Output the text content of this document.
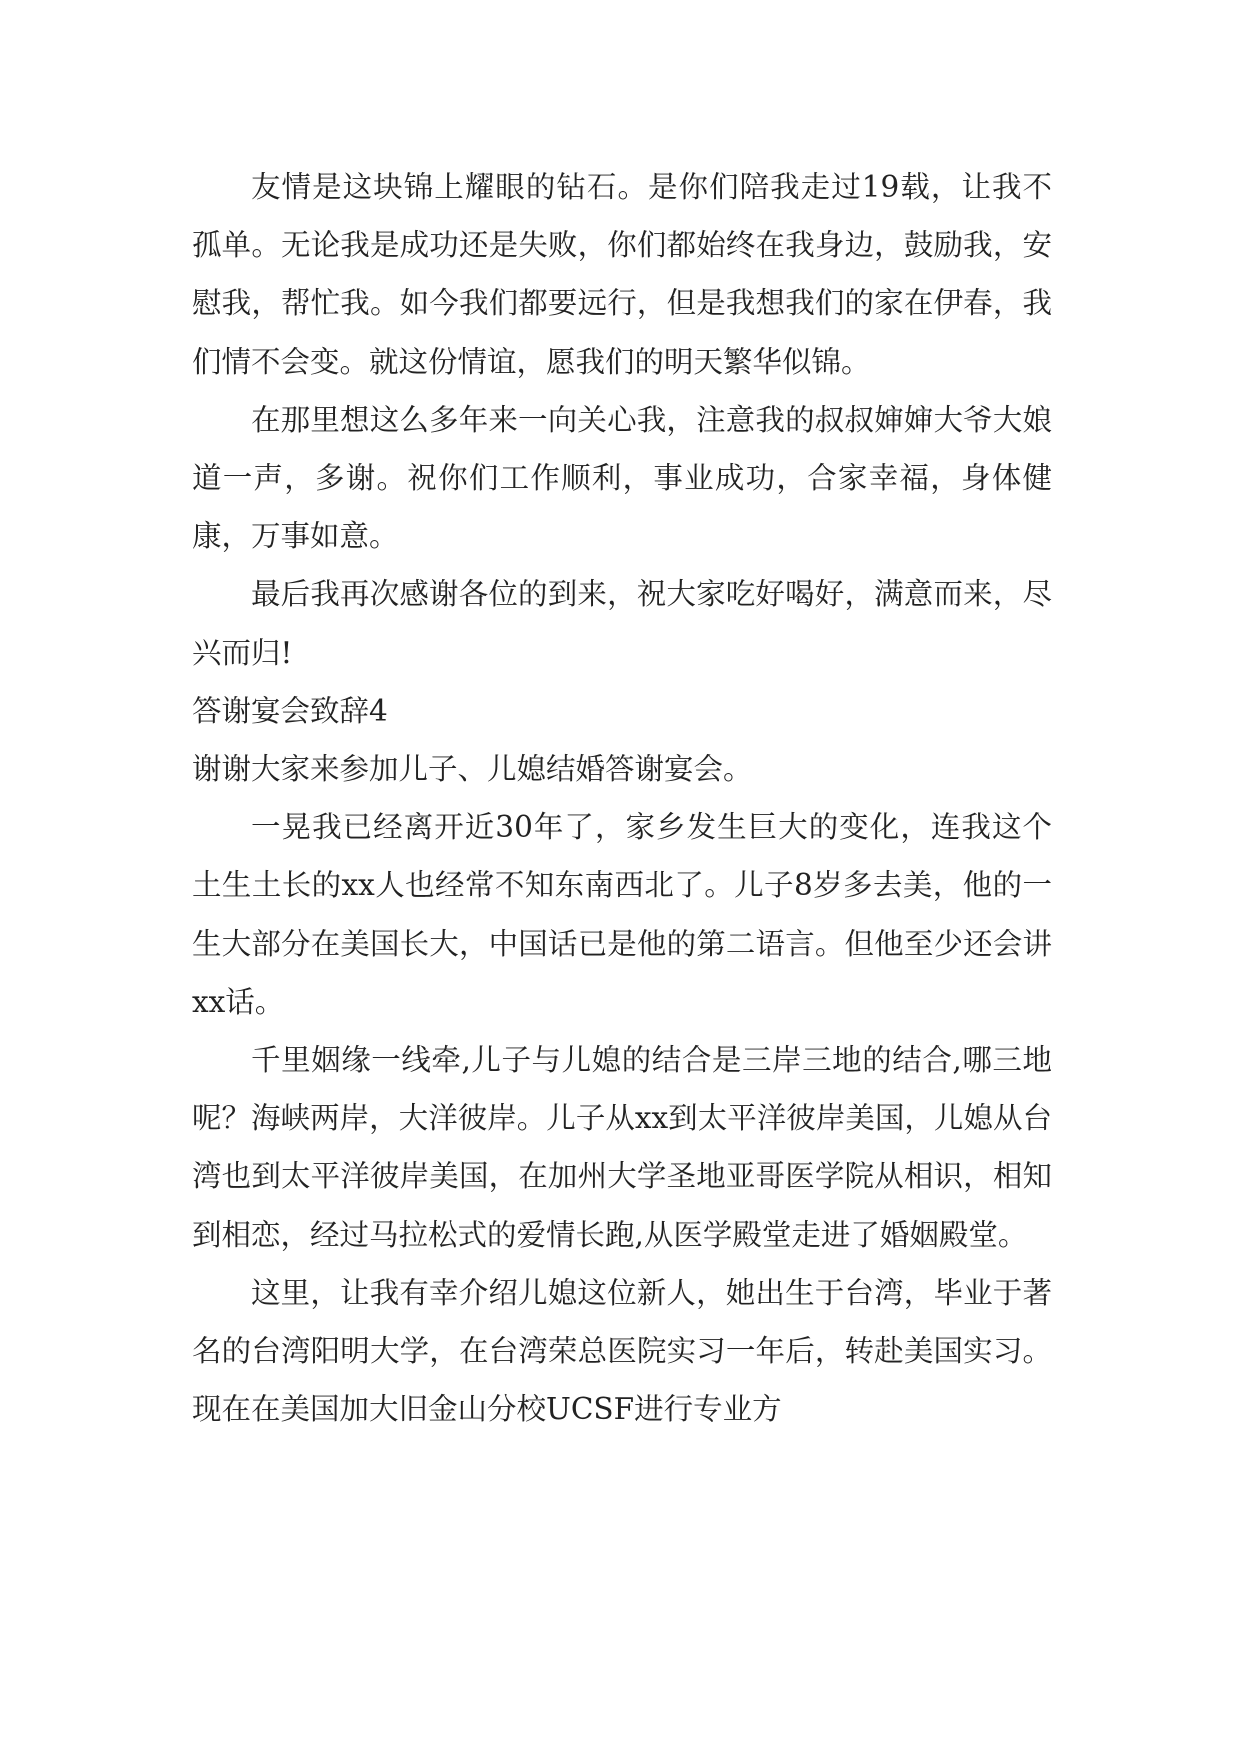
友情是这块锦上耀眼的钻石。是你们陪我走过19载，让我不孤单。无论我是成功还是失败，你们都始终在我身边，鼓励我，安慰我，帮忙我。如今我们都要远行，但是我想我们的家在伊春，我们情不会变。就这份情谊，愿我们的明天繁华似锦。

在那里想这么多年来一向关心我，注意我的叔叔婶婶大爷大娘道一声，多谢。祝你们工作顺利，事业成功，合家幸福，身体健康，万事如意。

最后我再次感谢各位的到来，祝大家吃好喝好，满意而来，尽兴而归!

答谢宴会致辞4

谢谢大家来参加儿子、儿媳结婚答谢宴会。

一晃我已经离开近30年了，家乡发生巨大的变化，连我这个土生土长的xx人也经常不知东南西北了。儿子8岁多去美，他的一生大部分在美国长大，中国话已是他的第二语言。但他至少还会讲xx话。

千里姻缘一线牵,儿子与儿媳的结合是三岸三地的结合,哪三地呢？海峡两岸，大洋彼岸。儿子从xx到太平洋彼岸美国，儿媳从台湾也到太平洋彼岸美国，在加州大学圣地亚哥医学院从相识，相知到相恋，经过马拉松式的爱情长跑,从医学殿堂走进了婚姻殿堂。

这里，让我有幸介绍儿媳这位新人，她出生于台湾，毕业于著名的台湾阳明大学，在台湾荣总医院实习一年后，转赴美国实习。现在在美国加大旧金山分校UCSF进行专业方
